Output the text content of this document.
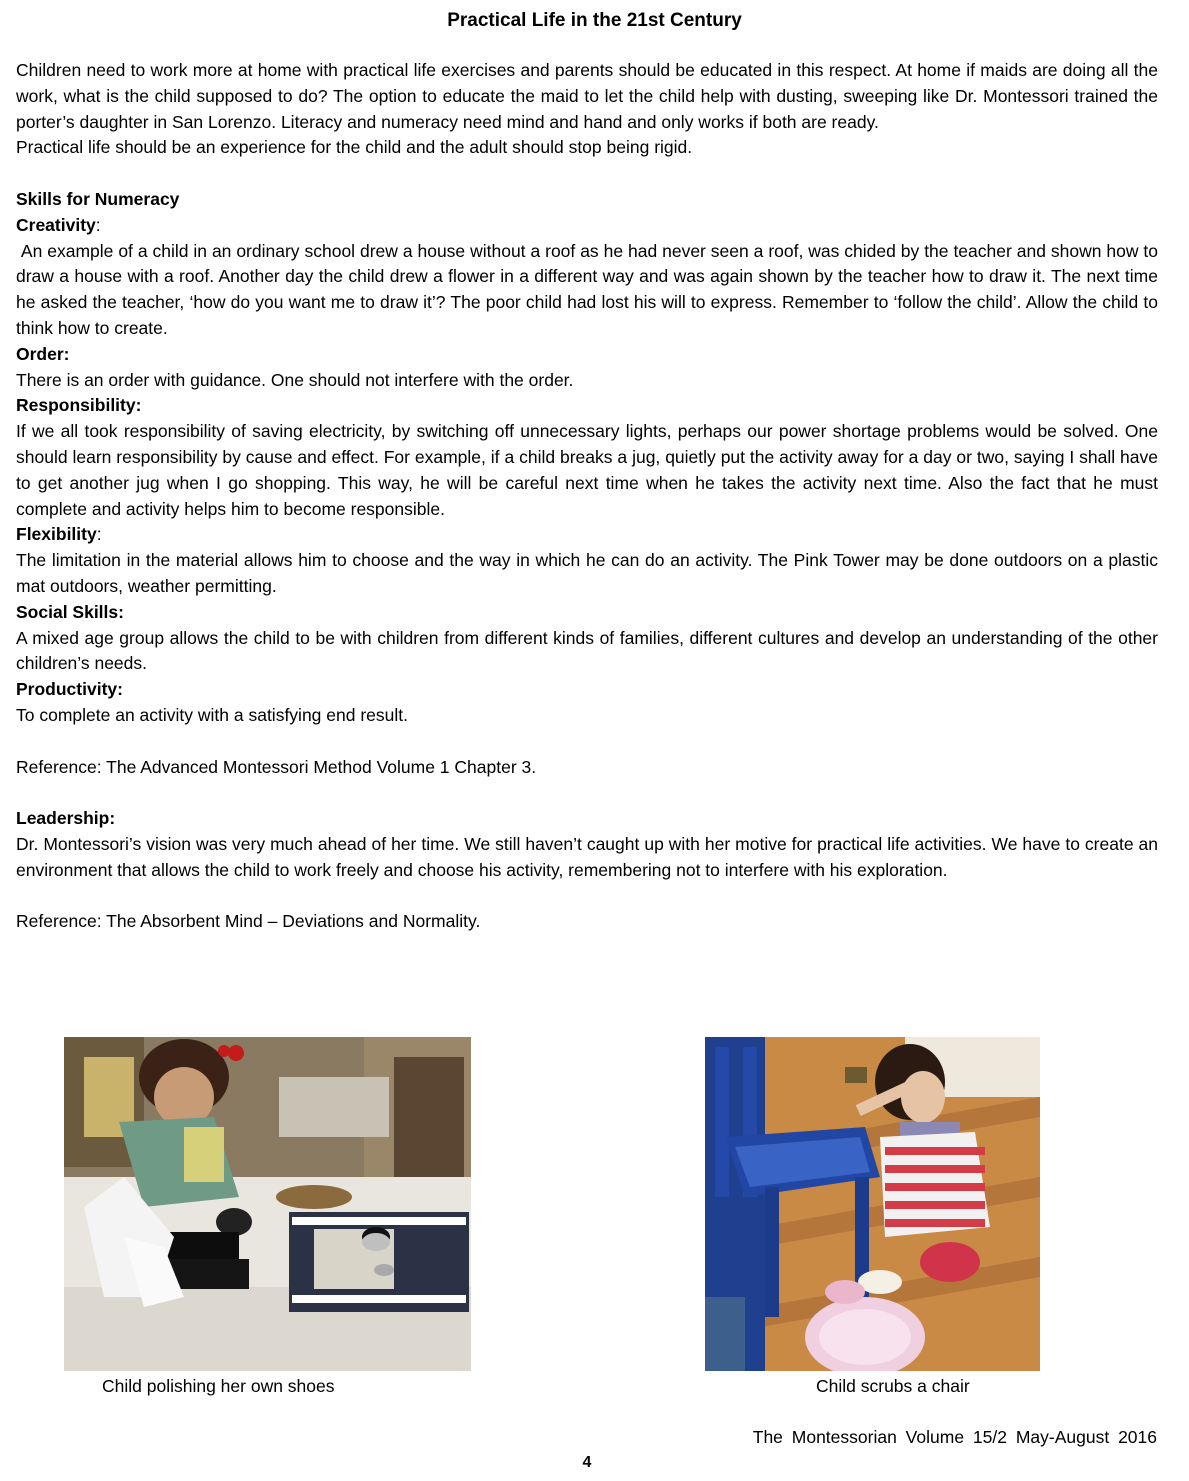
Practical Life in the 21st Century

Children need to work more at home with practical life exercises and parents should be educated in this respect. At home if maids are doing all the work, what is the child supposed to do? The option to educate the maid to let the child help with dusting, sweeping like Dr. Montessori trained the porter’s daughter in San Lorenzo. Literacy and numeracy need mind and hand and only works if both are ready.

Practical life should be an experience for the child and the adult should stop being rigid.

Skills for Numeracy

Creativity:

An example of a child in an ordinary school drew a house without a roof as he had never seen a roof, was chided by the teacher and shown how to draw a house with a roof. Another day the child drew a flower in a different way and was again shown by the teacher how to draw it. The next time he asked the teacher, ‘how do you want me to draw it’? The poor child had lost his will to express. Remember to ‘follow the child’. Allow the child to think how to create.

Order:

There is an order with guidance. One should not interfere with the order.

Responsibility:

If we all took responsibility of saving electricity, by switching off unnecessary lights, perhaps our power shortage problems would be solved. One should learn responsibility by cause and effect. For example, if a child breaks a jug, quietly put the activity away for a day or two, saying I shall have to get another jug when I go shopping. This way, he will be careful next time when he takes the activity next time. Also the fact that he must complete and activity helps him to become responsible.

Flexibility:

The limitation in the material allows him to choose and the way in which he can do an activity. The Pink Tower may be done outdoors on a plastic mat outdoors, weather permitting.

Social Skills:

A mixed age group allows the child to be with children from different kinds of families, different cultures and develop an understanding of the other children’s needs.

Productivity:

To complete an activity with a satisfying end result.

Reference: The Advanced Montessori Method Volume 1 Chapter 3.

Leadership:

Dr. Montessori’s vision was very much ahead of her time. We still haven’t caught up with her motive for practical life activities. We have to create an environment that allows the child to work freely and choose his activity, remembering not to interfere with his exploration.

Reference: The Absorbent Mind – Deviations and Normality.

Child polishing her own shoes	Child scrubs a chair
The Montessorian Volume 15/2 May-August 2016
4
